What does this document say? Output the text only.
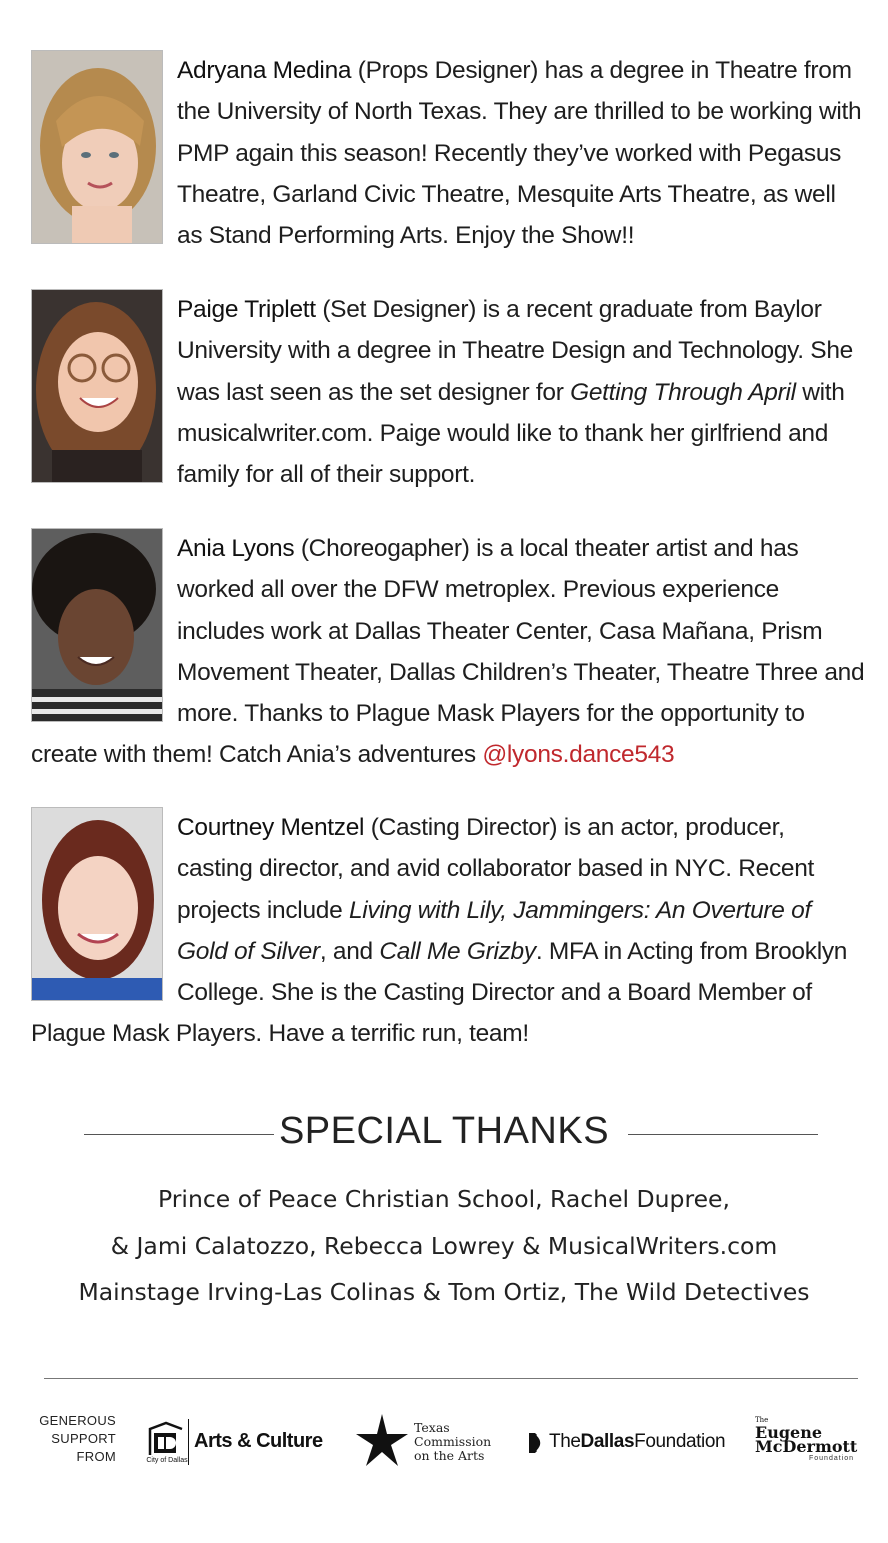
Adryana Medina (Props Designer) has a degree in Theatre from the University of North Texas. They are thrilled to be working with PMP again this season! Recently they’ve worked with Pegasus Theatre, Garland Civic Theatre, Mesquite Arts Theatre, as well as Stand Performing Arts. Enjoy the Show!!
Paige Triplett (Set Designer) is a recent graduate from Baylor University with a degree in Theatre Design and Technology. She was last seen as the set designer for Getting Through April with musicalwriter.com. Paige would like to thank her girlfriend and family for all of their support.
Ania Lyons (Choreogapher) is a local theater artist and has worked all over the DFW metroplex. Previous experience includes work at Dallas Theater Center, Casa Mañana, Prism Movement Theater, Dallas Children’s Theater, Theatre Three and more. Thanks to Plague Mask Players for the opportunity to create with them! Catch Ania’s adventures @lyons.dance543
Courtney Mentzel (Casting Director) is an actor, producer, casting director, and avid collaborator based in NYC. Recent projects include Living with Lily, Jammingers: An Overture of Gold of Silver, and Call Me Grizby. MFA in Acting from Brooklyn College. She is the Casting Director and a Board Member of Plague Mask Players. Have a terrific run, team!
SPECIAL THANKS
Prince of Peace Christian School, Rachel Dupree,
& Jami Calatozzo, Rebecca Lowrey & MusicalWriters.com
Mainstage Irving-Las Colinas & Tom Ortiz, The Wild Detectives
GENEROUS
SUPPORT
FROM	City of Dallas
Arts & Culture
Texas
Commission
on the Arts
TheDallasFoundation
The
Eugene
McDermott
Foundation
